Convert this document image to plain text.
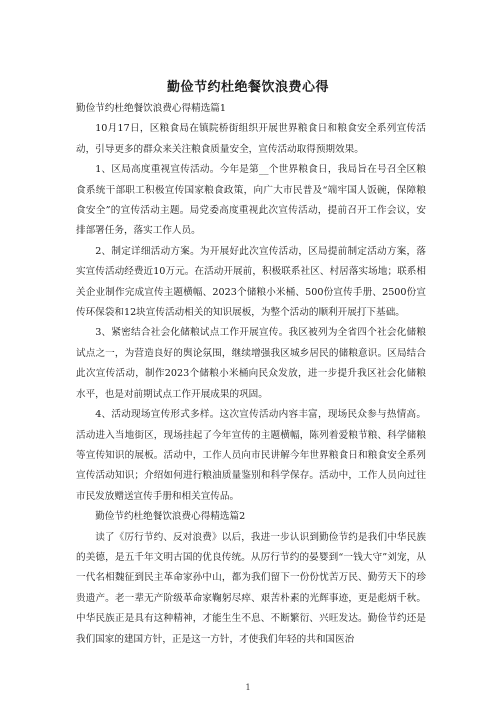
勤俭节约杜绝餐饮浪费心得

勤俭节约杜绝餐饮浪费心得精选篇1

10月17日，区粮食局在镇院桥街组织开展世界粮食日和粮食安全系列宣传活动，引导更多的群众来关注粮食质量安全，宣传活动取得预期效果。

1、区局高度重视宣传活动。今年是第__个世界粮食日，我局旨在号召全区粮食系统干部职工积极宣传国家粮食政策，向广大市民普及“端牢国人饭碗，保障粮食安全”的宣传活动主题。局党委高度重视此次宣传活动，提前召开工作会议，安排部署任务，落实工作人员。

2、制定详细活动方案。为开展好此次宣传活动，区局提前制定活动方案，落实宣传活动经费近10万元。在活动开展前，积极联系社区、村居落实场地；联系相关企业制作完成宣传主题横幅、2023个储粮小米桶、500份宣传手册、2500份宣传环保袋和12块宣传活动相关的知识展板，为整个活动的顺利开展打下基础。

3、紧密结合社会化储粮试点工作开展宣传。我区被列为全省四个社会化储粮试点之一，为营造良好的舆论氛围，继续增强我区城乡居民的储粮意识。区局结合此次宣传活动，制作2023个储粮小米桶向民众发放，进一步提升我区社会化储粮水平，也是对前期试点工作开展成果的巩固。

4、活动现场宣传形式多样。这次宣传活动内容丰富，现场民众参与热情高。活动进入当地街区，现场挂起了今年宣传的主题横幅，陈列着爱粮节粮、科学储粮等宣传知识的展板。活动中，工作人员向市民讲解今年世界粮食日和粮食安全系列宣传活动知识；介绍如何进行粮油质量鉴别和科学保存。活动中，工作人员向过往市民发放赠送宣传手册和相关宣传品。

勤俭节约杜绝餐饮浪费心得精选篇2

读了《厉行节约、反对浪费》以后，我进一步认识到勤俭节约是我们中华民族的美德，是五千年文明古国的优良传统。从厉行节约的晏婴到“一钱大守”刘宠，从一代名相魏征到民主革命家孙中山，都为我们留下一份份忧苦万民、勤劳天下的珍贵遗产。老一辈无产阶级革命家鞠躬尽瘁、艰苦朴素的光辉事迹，更是彪炳千秋。中华民族正是具有这种精神，才能生生不息、不断繁衍、兴旺发达。勤俭节约还是我们国家的建国方针，正是这一方针，才使我们年轻的共和国医治

1
